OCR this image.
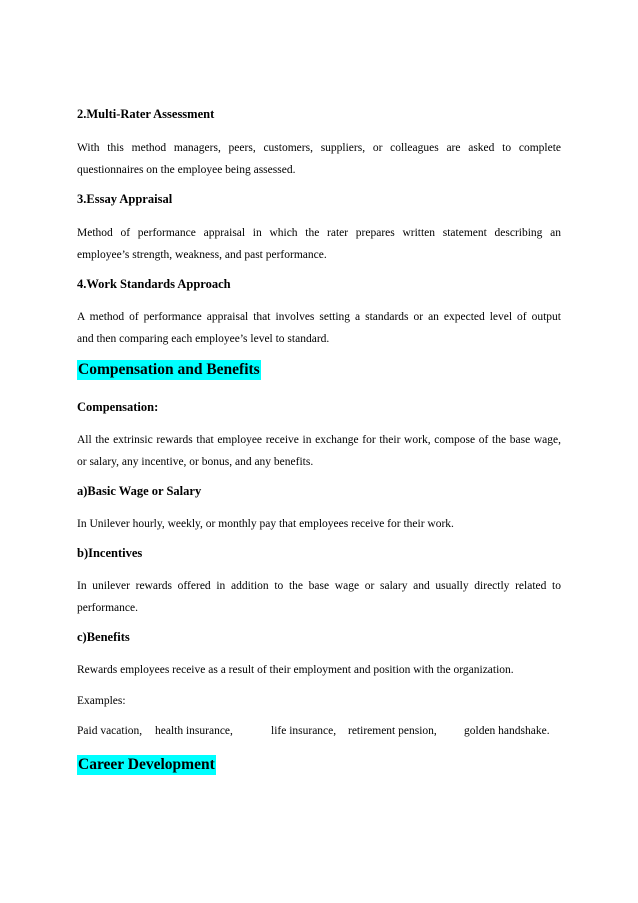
2.Multi-Rater Assessment
With this method managers, peers, customers, suppliers, or colleagues are asked to complete
questionnaires on the employee being assessed.
3.Essay Appraisal
Method of performance appraisal in which the rater prepares written statement describing an
employee’s strength, weakness, and past performance.
4.Work Standards Approach
A method of performance appraisal that involves setting a standards or an expected level of output
and then comparing each employee’s level to standard.
Compensation and Benefits
Compensation:
All the extrinsic rewards that employee receive in exchange for their work, compose of the base wage,
or salary, any incentive, or bonus, and any benefits.
a)Basic Wage or Salary
In Unilever hourly, weekly, or monthly pay that employees receive for their work.
b)Incentives
In unilever rewards offered in addition to the base wage or salary and usually directly related to
performance.
c)Benefits
Rewards employees receive as a result of their employment and position with the organization.
Examples:
Paid vacation, health insurance,	life insurance, retirement pension, golden handshake.
Career Development
